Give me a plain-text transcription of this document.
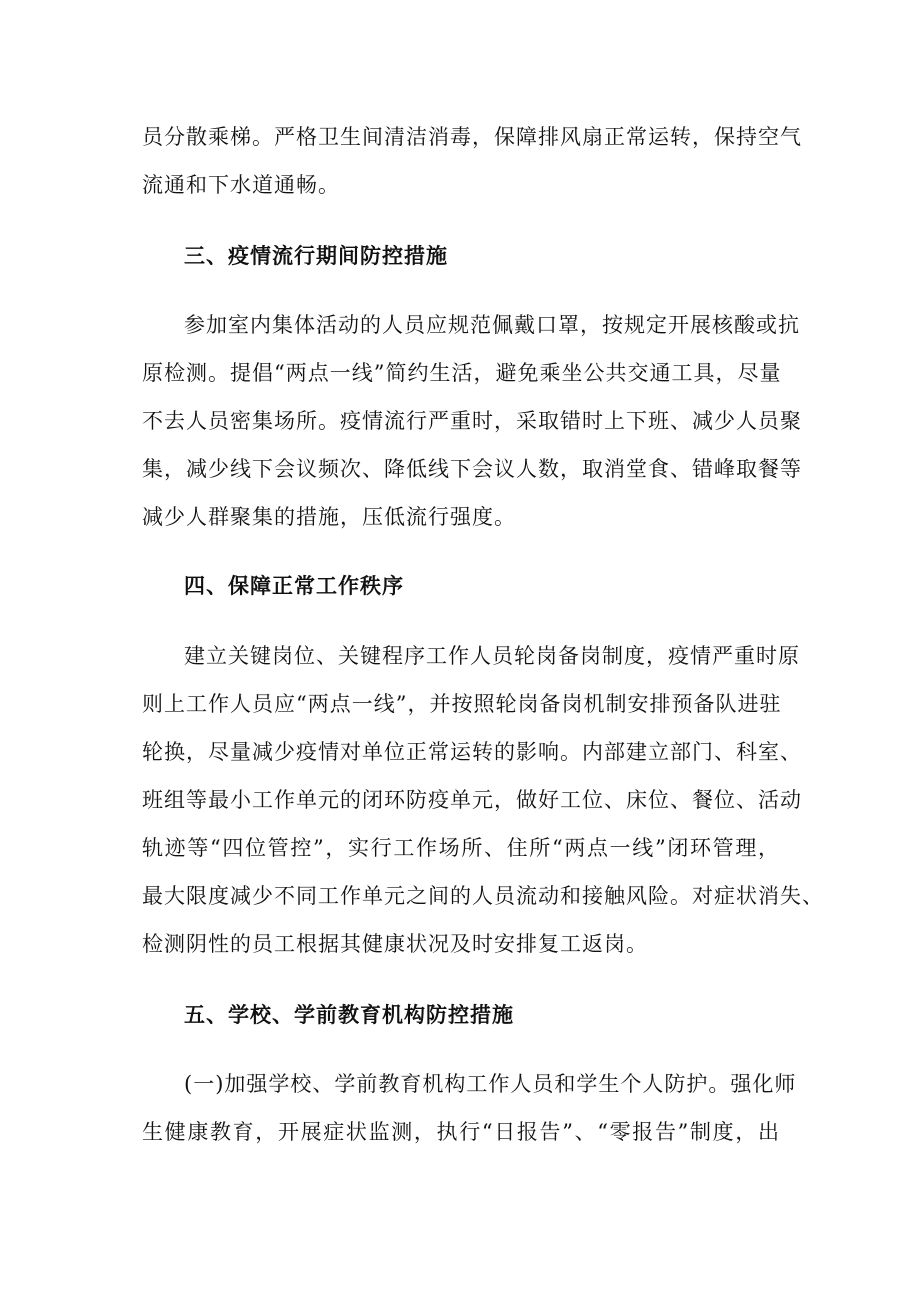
员分散乘梯。严格卫生间清洁消毒，保障排风扇正常运转，保持空气
流通和下水道通畅。
三、疫情流行期间防控措施
参加室内集体活动的人员应规范佩戴口罩，按规定开展核酸或抗
原检测。提倡“两点一线”简约生活，避免乘坐公共交通工具，尽量
不去人员密集场所。疫情流行严重时，采取错时上下班、减少人员聚
集，减少线下会议频次、降低线下会议人数，取消堂食、错峰取餐等
减少人群聚集的措施，压低流行强度。
四、保障正常工作秩序
建立关键岗位、关键程序工作人员轮岗备岗制度，疫情严重时原
则上工作人员应“两点一线”，并按照轮岗备岗机制安排预备队进驻
轮换，尽量减少疫情对单位正常运转的影响。内部建立部门、科室、
班组等最小工作单元的闭环防疫单元，做好工位、床位、餐位、活动
轨迹等“四位管控”，实行工作场所、住所“两点一线”闭环管理，
最大限度减少不同工作单元之间的人员流动和接触风险。对症状消失、
检测阴性的员工根据其健康状况及时安排复工返岗。
五、学校、学前教育机构防控措施
(一)加强学校、学前教育机构工作人员和学生个人防护。强化师
生健康教育，开展症状监测，执行“日报告”、“零报告”制度，出
